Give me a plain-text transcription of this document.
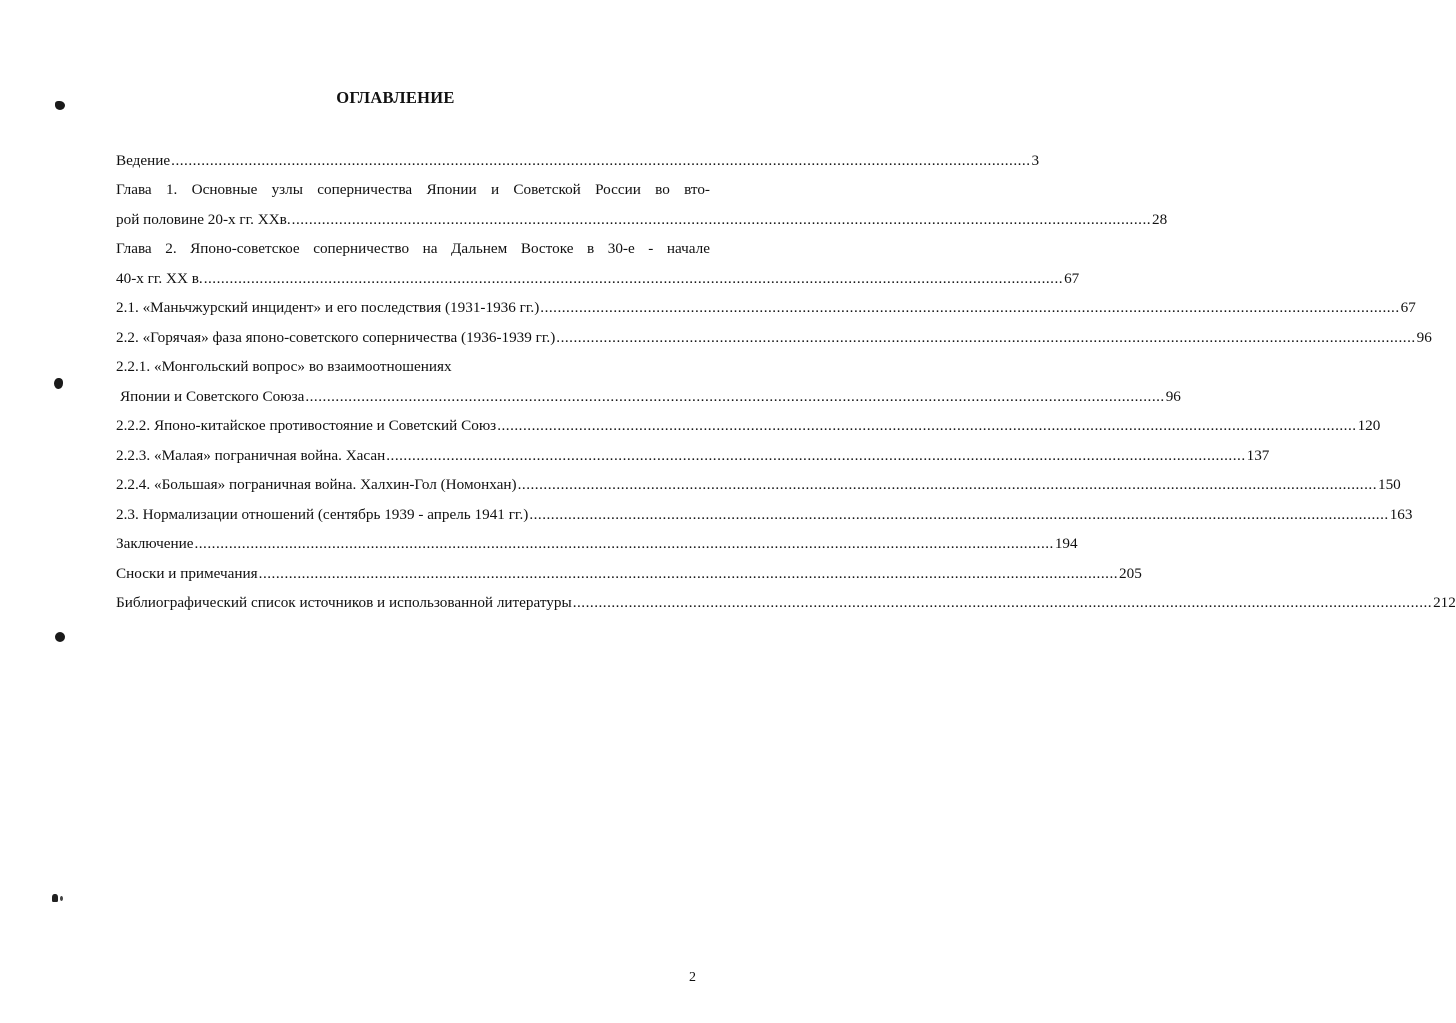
ОГЛАВЛЕНИЕ
Ведение ........................................................................................................................................................................................................ 3
Глава 1. Основные узлы соперничества Японии и Советской России во вто-
рой половине 20-х гг. ХХв. ........................................................................................................................................................................................................ 28
Глава 2. Японо-советское соперничество на Дальнем Востоке в 30-е - начале
40-х гг. XX в. ........................................................................................................................................................................................................ 67
2.1. «Маньчжурский инцидент» и его последствия (1931-1936 гг.) ........................................................................................................................................................................................................ 67
2.2. «Горячая» фаза японо-советского соперничества (1936-1939 гг.) ........................................................................................................................................................................................................ 96
2.2.1. «Монгольский вопрос» во взаимоотношениях
Японии и Советского Союза ........................................................................................................................................................................................................ 96
2.2.2. Японо-китайское противостояние и Советский Союз ........................................................................................................................................................................................................ 120
2.2.3. «Малая» пограничная война. Хасан ........................................................................................................................................................................................................ 137
2.2.4. «Большая» пограничная война. Халхин-Гол (Номонхан) ........................................................................................................................................................................................................ 150
2.3. Нормализации отношений (сентябрь 1939 - апрель 1941 гг.) ........................................................................................................................................................................................................ 163
Заключение ........................................................................................................................................................................................................ 194
Сноски и примечания ........................................................................................................................................................................................................ 205
Библиографический список источников и использованной литературы ........................................................................................................................................................................................................ 212
2
